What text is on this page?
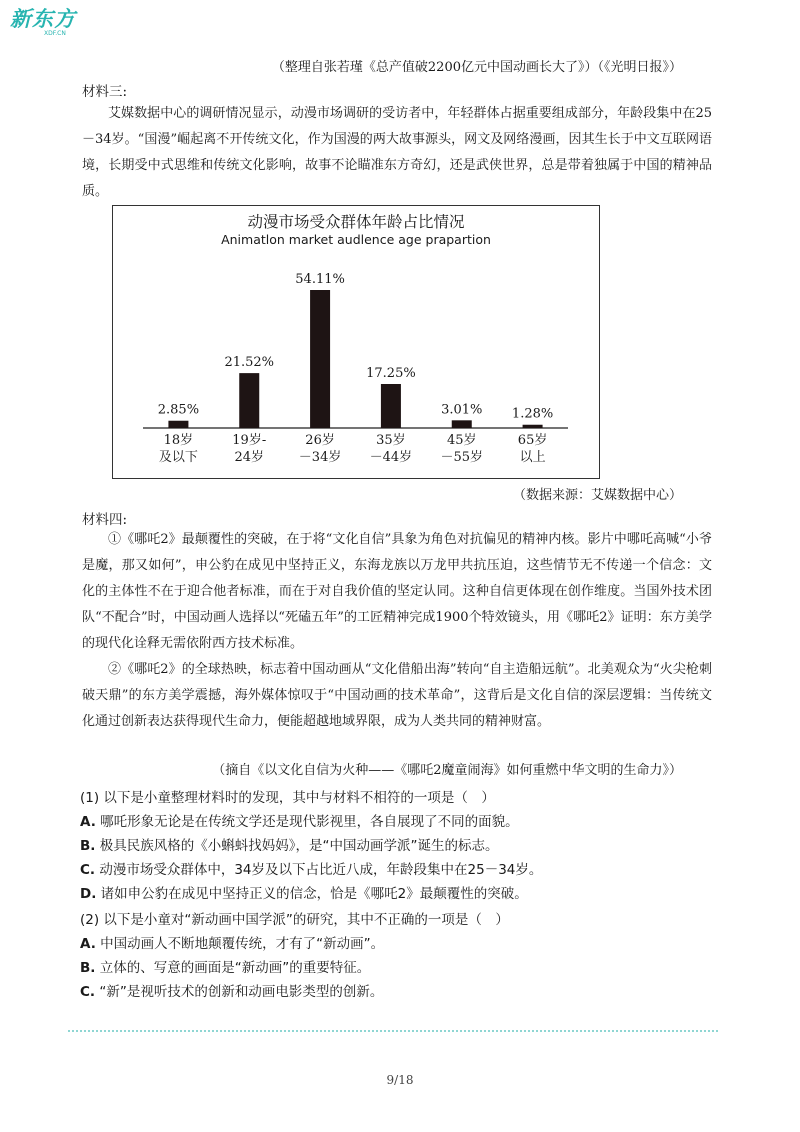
新东方
XDF.CN
（整理自张若瑾《总产值破2200亿元中国动画长大了》）（《光明日报》）
材料三:

艾媒数据中心的调研情况显示，动漫市场调研的受访者中，年轻群体占据重要组成部分，年龄段集中在25－34岁。“国漫”崛起离不开传统文化，作为国漫的两大故事源头，网文及网络漫画，因其生长于中文互联网语境，长期受中式思维和传统文化影响，故事不论瞄准东方奇幻，还是武侠世界，总是带着独属于中国的精神品质。

动漫市场受众群体年龄占比情况
Animatlon market audlence age prapartion
2.85%
18岁
及以下
21.52%
19岁-
24岁
54.11%
26岁
－34岁
17.25%
35岁
－44岁
3.01%
45岁
－55岁
1.28%
65岁
以上
（数据来源：艾媒数据中心）
材料四:

①《哪吒2》最颠覆性的突破，在于将“文化自信”具象为角色对抗偏见的精神内核。影片中哪吒高喊“小爷是魔，那又如何”，申公豹在成见中坚持正义，东海龙族以万龙甲共抗压迫，这些情节无不传递一个信念：文化的主体性不在于迎合他者标准，而在于对自我价值的坚定认同。这种自信更体现在创作维度。当国外技术团队“不配合”时，中国动画人选择以“死磕五年”的工匠精神完成1900个特效镜头，用《哪吒2》证明：东方美学的现代化诠释无需依附西方技术标准。

②《哪吒2》的全球热映，标志着中国动画从“文化借船出海”转向“自主造船远航”。北美观众为“火尖枪刺破天鼎”的东方美学震撼，海外媒体惊叹于“中国动画的技术革命”，这背后是文化自信的深层逻辑：当传统文化通过创新表达获得现代生命力，便能超越地域界限，成为人类共同的精神财富。

（摘自《以文化自信为火种——《哪吒2魔童闹海》如何重燃中华文明的生命力》）
(1) 以下是小童整理材料时的发现，其中与材料不相符的一项是（　）
A. 哪吒形象无论是在传统文学还是现代影视里，各自展现了不同的面貌。
B. 极具民族风格的《小蝌蚪找妈妈》，是“中国动画学派”诞生的标志。
C. 动漫市场受众群体中，34岁及以下占比近八成，年龄段集中在25－34岁。
D. 诸如申公豹在成见中坚持正义的信念，恰是《哪吒2》最颠覆性的突破。
(2) 以下是小童对“新动画中国学派”的研究，其中不正确的一项是（　）
A. 中国动画人不断地颠覆传统，才有了“新动画”。
B. 立体的、写意的画面是“新动画”的重要特征。
C. “新”是视听技术的创新和动画电影类型的创新。
9/18
